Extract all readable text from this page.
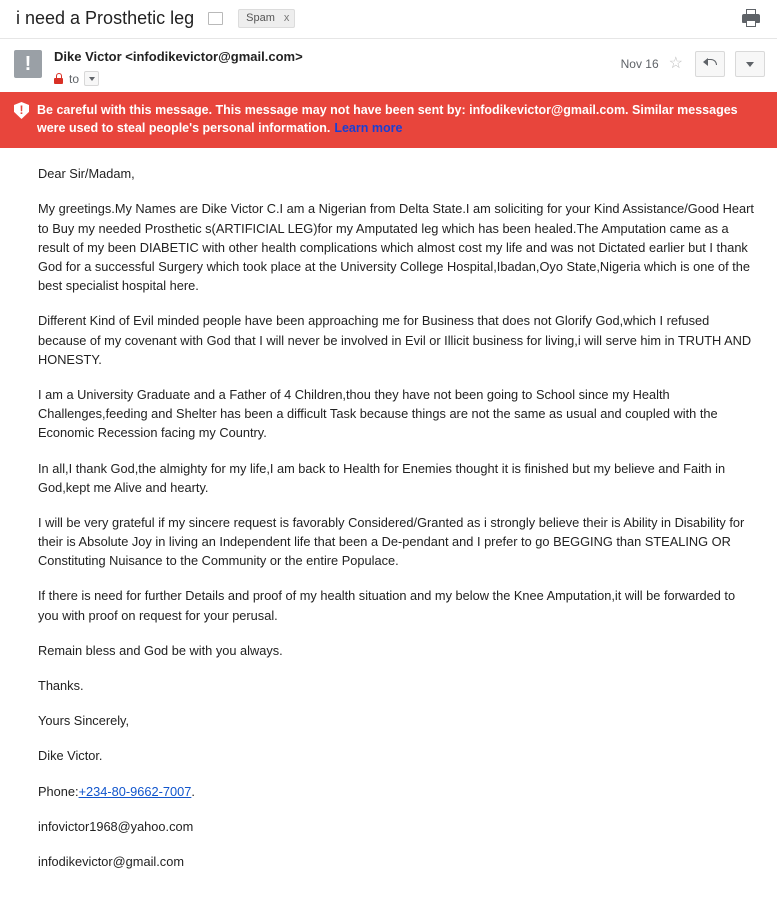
i need a Prosthetic leg	Spam x
!	Dike Victor <infodikevictor@gmail.com>
to
Nov 16 ☆
!
Be careful with this message. This message may not have been sent by: infodikevictor@gmail.com. Similar messages were used to steal people's personal information. Learn more

Dear Sir/Madam,

My greetings.My Names are Dike Victor C.I am a Nigerian from Delta State.I am soliciting for your Kind Assistance/Good Heart to Buy my needed Prosthetic s(ARTIFICIAL LEG)for my Amputated leg which has been healed.The Amputation came as a result of my been DIABETIC with other health complications which almost cost my life and was not Dictated earlier but I thank God for a successful Surgery which took place at the University College Hospital,Ibadan,Oyo State,Nigeria which is one of the best specialist hospital here.

Different Kind of Evil minded people have been approaching me for Business that does not Glorify God,which I refused because of my covenant with God that I will never be involved in Evil or Illicit business for living,i will serve him in TRUTH AND HONESTY.

I am a University Graduate and a Father of 4 Children,thou they have not been going to School since my Health Challenges,feeding and Shelter has been a difficult Task because things are not the same as usual and coupled with the Economic Recession facing my Country.

In all,I thank God,the almighty for my life,I am back to Health for Enemies thought it is finished but my believe and Faith in God,kept me Alive and hearty.

I will be very grateful if my sincere request is favorably Considered/Granted as i strongly believe their is Ability in Disability for their is Absolute Joy in living an Independent life that been a De-pendant and I prefer to go BEGGING than STEALING OR Constituting Nuisance to the Community or the entire Populace.

If there is need for further Details and proof of my health situation and my below the Knee Amputation,it will be forwarded to you with proof on request for your perusal.

Remain bless and God be with you always.

Thanks.

Yours Sincerely,

Dike Victor.

Phone:+234-80-9662-7007.

infovictor1968@yahoo.com

infodikevictor@gmail.com
